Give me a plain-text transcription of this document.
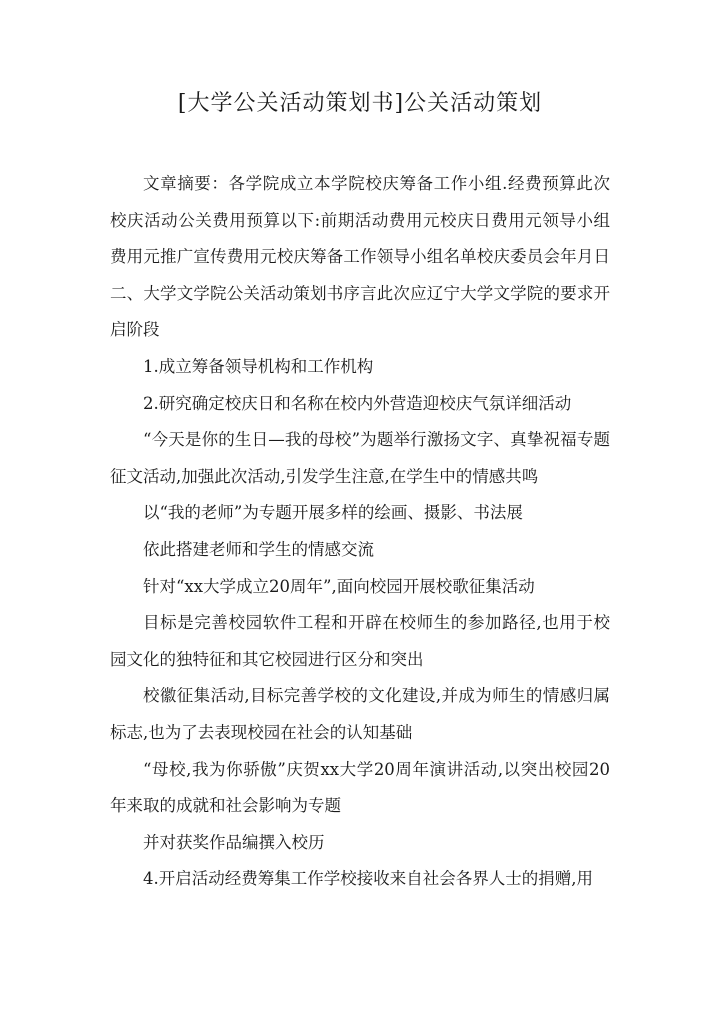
[大学公关活动策划书]公关活动策划

文章摘要：各学院成立本学院校庆筹备工作小组.经费预算此次校庆活动公关费用预算以下:前期活动费用元校庆日费用元领导小组费用元推广宣传费用元校庆筹备工作领导小组名单校庆委员会年月日二、大学文学院公关活动策划书序言此次应辽宁大学文学院的要求开启阶段

1.成立筹备领导机构和工作机构

2.研究确定校庆日和名称在校内外营造迎校庆气氛详细活动

“今天是你的生日—我的母校”为题举行激扬文字、真挚祝福专题征文活动,加强此次活动,引发学生注意,在学生中的情感共鸣

以“我的老师”为专题开展多样的绘画、摄影、书法展

依此搭建老师和学生的情感交流

针对“xx大学成立20周年”,面向校园开展校歌征集活动

目标是完善校园软件工程和开辟在校师生的参加路径,也用于校园文化的独特征和其它校园进行区分和突出

校徽征集活动,目标完善学校的文化建设,并成为师生的情感归属标志,也为了去表现校园在社会的认知基础

“母校,我为你骄傲”庆贺xx大学20周年演讲活动,以突出校园20年来取的成就和社会影响为专题

并对获奖作品编撰入校历

4.开启活动经费筹集工作学校接收来自社会各界人士的捐赠,用
